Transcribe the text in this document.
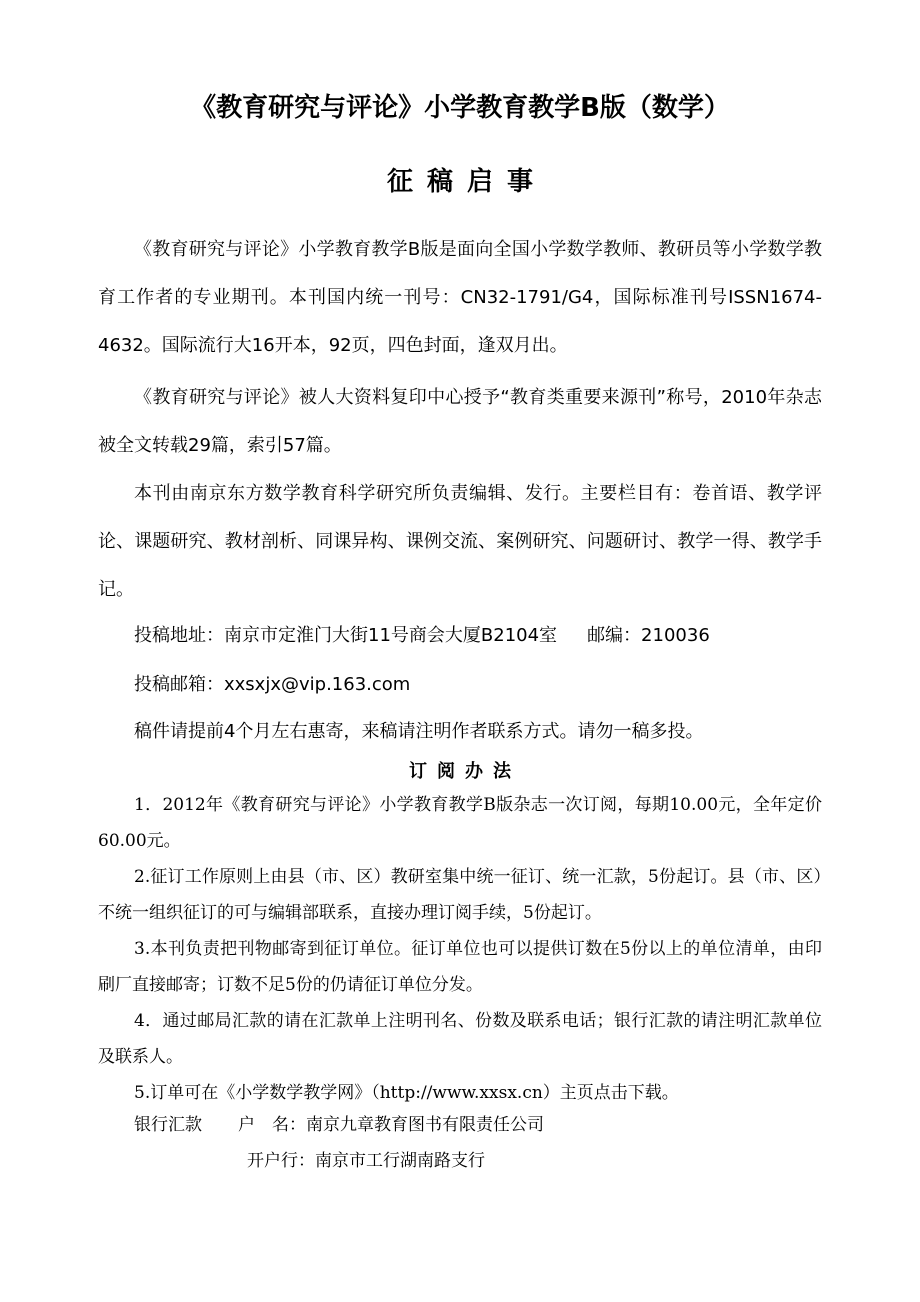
《教育研究与评论》小学教育教学B版（数学）
征稿启事

《教育研究与评论》小学教育教学B版是面向全国小学数学教师、教研员等小学数学教育工作者的专业期刊。本刊国内统一刊号：CN32-1791/G4，国际标准刊号ISSN1674-4632。国际流行大16开本，92页，四色封面，逢双月出。

《教育研究与评论》被人大资料复印中心授予“教育类重要来源刊”称号，2010年杂志被全文转载29篇，索引57篇。

本刊由南京东方数学教育科学研究所负责编辑、发行。主要栏目有：卷首语、教学评论、课题研究、教材剖析、同课异构、课例交流、案例研究、问题研讨、教学一得、教学手记。

投稿地址：南京市定淮门大街11号商会大厦B2104室 邮编：210036
投稿邮箱：xxsxjx@vip.163.com
稿件请提前4个月左右惠寄，来稿请注明作者联系方式。请勿一稿多投。
订阅办法

1．2012年《教育研究与评论》小学教育教学B版杂志一次订阅，每期10.00元，全年定价60.00元。

2.征订工作原则上由县（市、区）教研室集中统一征订、统一汇款，5份起订。县（市、区）不统一组织征订的可与编辑部联系，直接办理订阅手续，5份起订。

3.本刊负责把刊物邮寄到征订单位。征订单位也可以提供订数在5份以上的单位清单，由印刷厂直接邮寄；订数不足5份的仍请征订单位分发。

4．通过邮局汇款的请在汇款单上注明刊名、份数及联系电话；银行汇款的请注明汇款单位及联系人。

5.订单可在《小学数学教学网》（http://www.xxsx.cn）主页点击下载。

银行汇款 户　名：南京九章教育图书有限责任公司
开户行：南京市工行湖南路支行
